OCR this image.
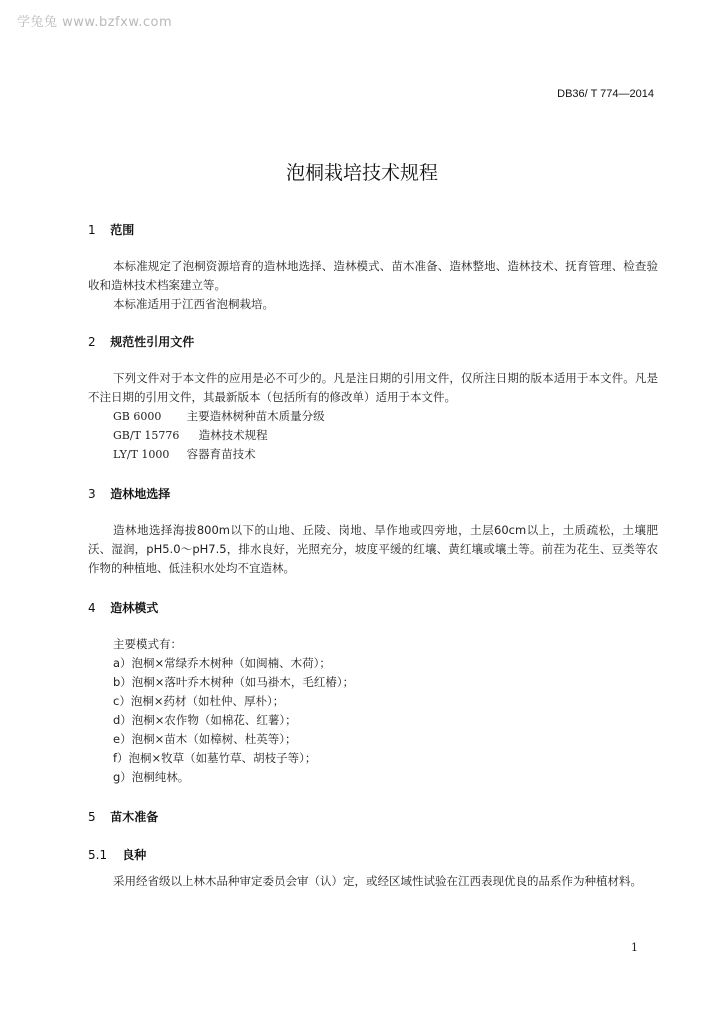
学兔兔 www.bzfxw.com
DB36/ T 774—2014
泡桐栽培技术规程
1 范围
本标准规定了泡桐资源培育的造林地选择、造林模式、苗木准备、造林整地、造林技术、抚育管理、检查验收和造林技术档案建立等。
本标准适用于江西省泡桐栽培。
2 规范性引用文件
下列文件对于本文件的应用是必不可少的。凡是注日期的引用文件，仅所注日期的版本适用于本文件。凡是不注日期的引用文件，其最新版本（包括所有的修改单）适用于本文件。
GB 6000 主要造林树种苗木质量分级
GB/T 15776 造林技术规程
LY/T 1000 容器育苗技术
3 造林地选择
造林地选择海拔800m以下的山地、丘陵、岗地、旱作地或四旁地，土层60cm以上，土质疏松，土壤肥沃、湿润，pH5.0～pH7.5，排水良好，光照充分，坡度平缓的红壤、黄红壤或壤土等。前茬为花生、豆类等农作物的种植地、低洼积水处均不宜造林。
4 造林模式
主要模式有：
a）泡桐×常绿乔木树种（如闽楠、木荷）；
b）泡桐×落叶乔木树种（如马褂木，毛红椿）；
c）泡桐×药材（如杜仲、厚朴）；
d）泡桐×农作物（如棉花、红薯）；
e）泡桐×苗木（如樟树、杜英等）；
f）泡桐×牧草（如墓竹草、胡枝子等）；
g）泡桐纯林。
5 苗木准备
5.1 良种
采用经省级以上林木品种审定委员会审（认）定，或经区域性试验在江西表现优良的品系作为种植材料。
1
